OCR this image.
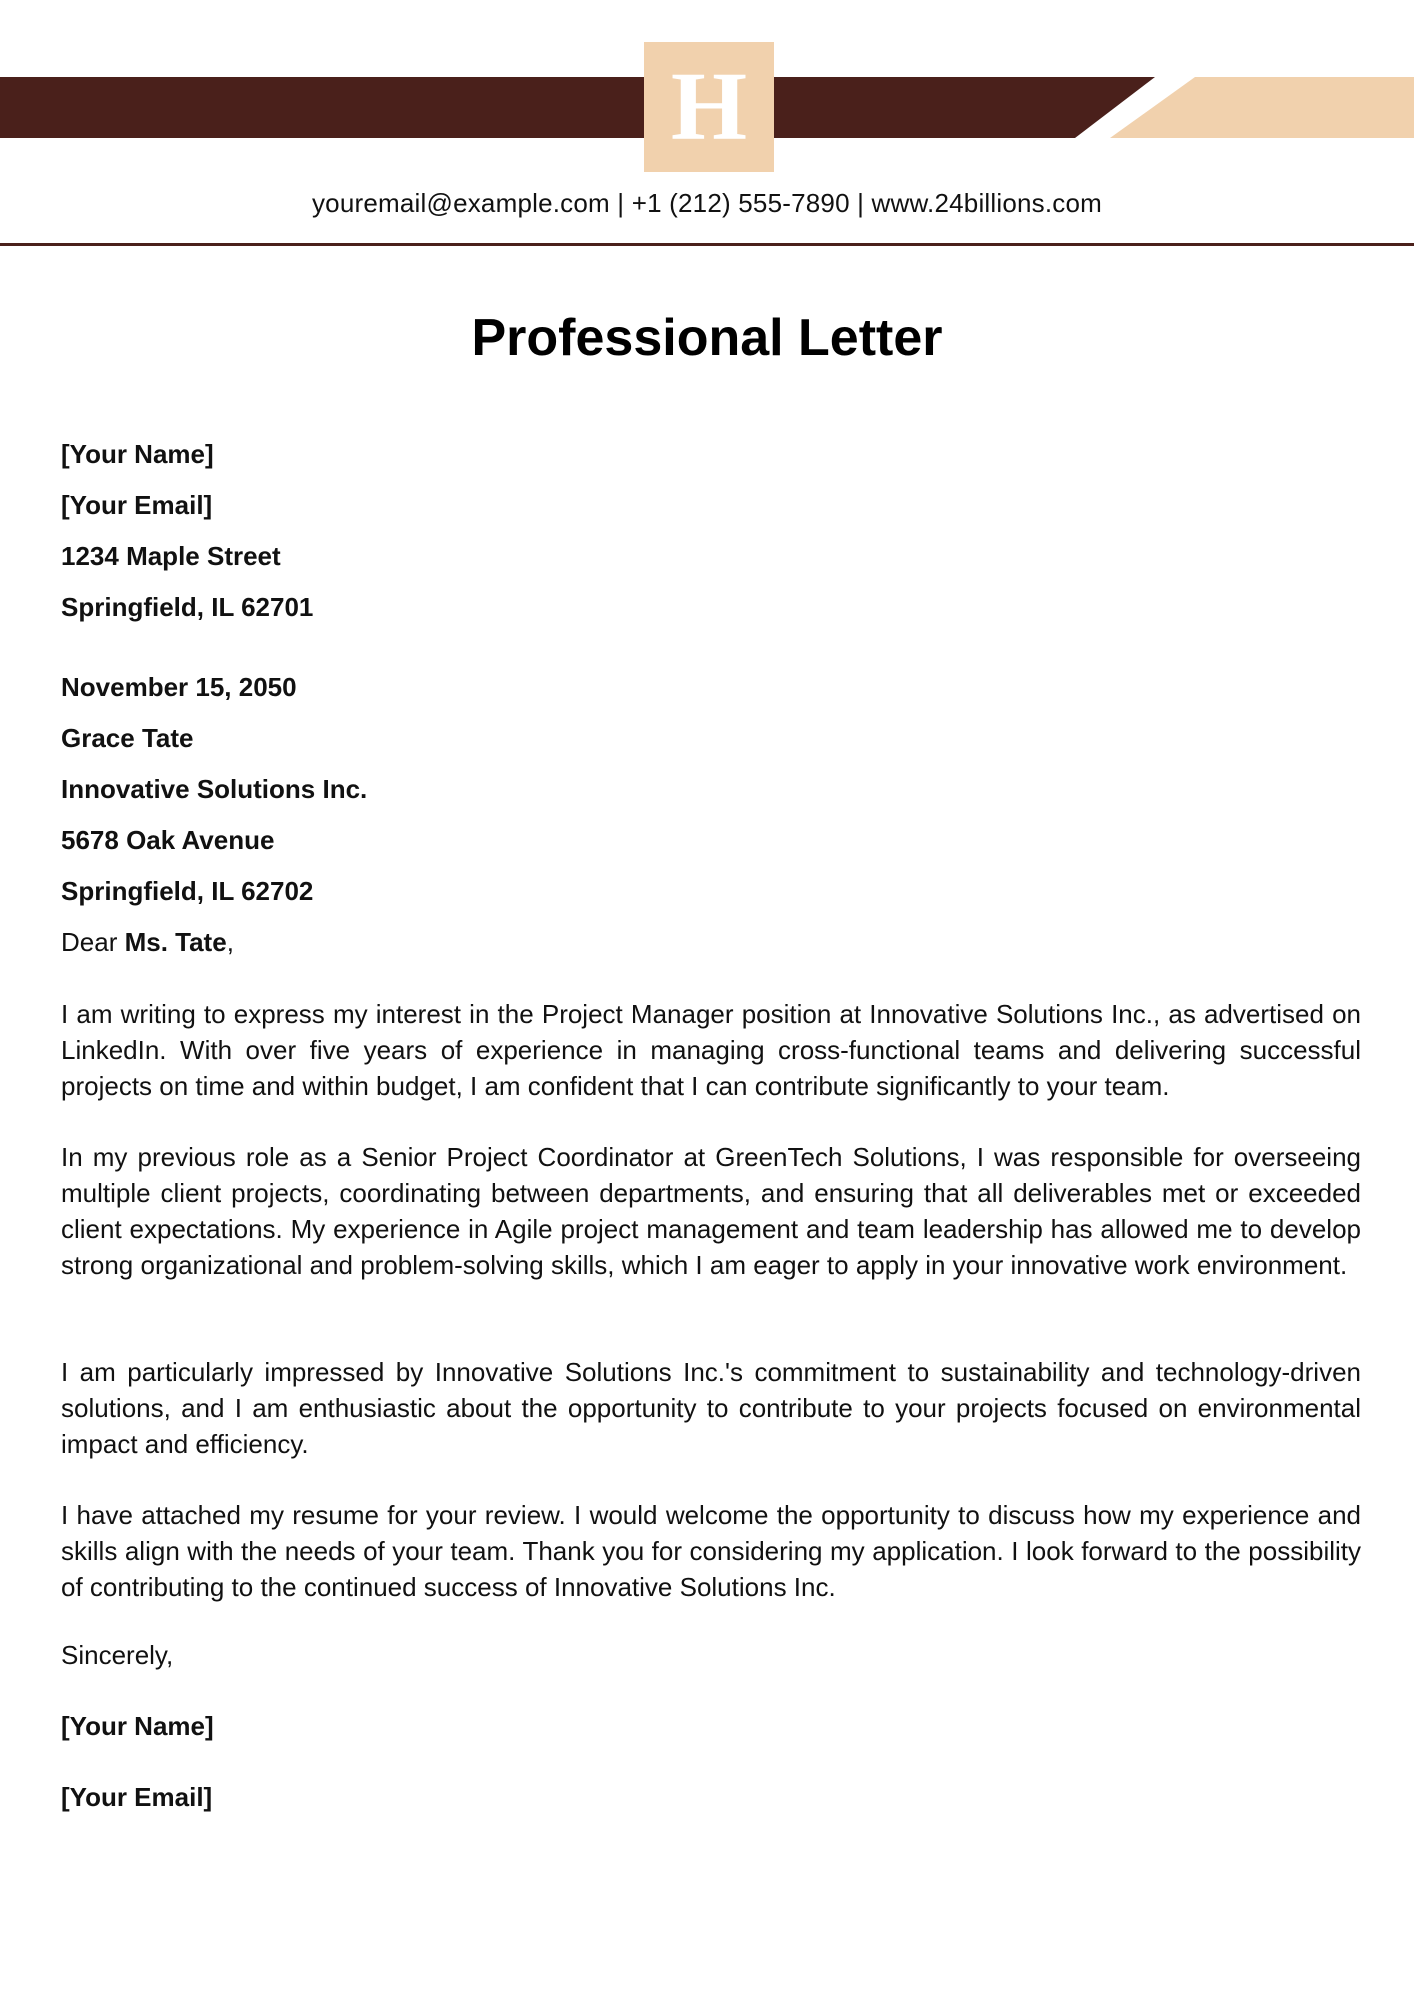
H
youremail@example.com | +1 (212) 555-7890 | www.24billions.com
Professional Letter
[Your Name]
[Your Email]
1234 Maple Street
Springfield, IL 62701
November 15, 2050
Grace Tate
Innovative Solutions Inc.
5678 Oak Avenue
Springfield, IL 62702
Dear Ms. Tate,

I am writing to express my interest in the Project Manager position at Innovative Solutions Inc., as advertised on LinkedIn. With over five years of experience in managing cross-functional teams and delivering successful projects on time and within budget, I am confident that I can contribute significantly to your team.

In my previous role as a Senior Project Coordinator at GreenTech Solutions, I was responsible for overseeing multiple client projects, coordinating between departments, and ensuring that all deliverables met or exceeded client expectations. My experience in Agile project management and team leadership has allowed me to develop strong organizational and problem-solving skills, which I am eager to apply in your innovative work environment.

I am particularly impressed by Innovative Solutions Inc.'s commitment to sustainability and technology-driven solutions, and I am enthusiastic about the opportunity to contribute to your projects focused on environmental impact and efficiency.

I have attached my resume for your review. I would welcome the opportunity to discuss how my experience and skills align with the needs of your team. Thank you for considering my application. I look forward to the possibility of contributing to the continued success of Innovative Solutions Inc.

Sincerely,
[Your Name]
[Your Email]
